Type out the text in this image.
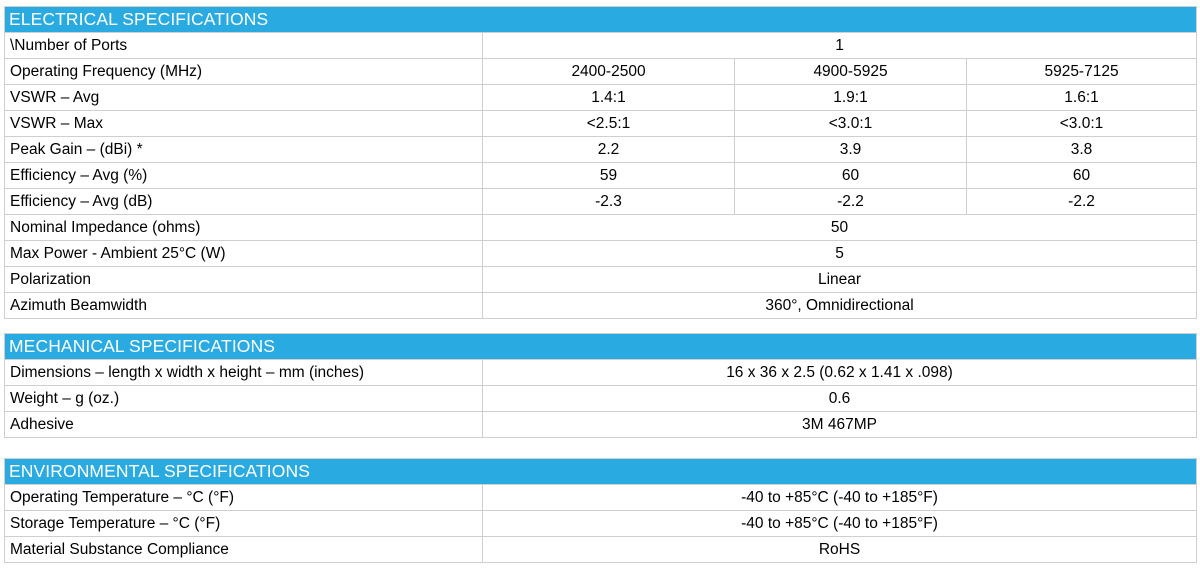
ELECTRICAL SPECIFICATIONS			
\Number of Ports	1		
Operating Frequency (MHz)	2400-2500	4900-5925	5925-7125
VSWR – Avg	1.4:1	1.9:1	1.6:1
VSWR – Max	<2.5:1	<3.0:1	<3.0:1
Peak Gain – (dBi) *	2.2	3.9	3.8
Efficiency – Avg (%)	59	60	60
Efficiency – Avg (dB)	-2.3	-2.2	-2.2
Nominal Impedance (ohms)	50		
Max Power - Ambient 25°C (W)	5		
Polarization	Linear		
Azimuth Beamwidth	360°, Omnidirectional		
MECHANICAL SPECIFICATIONS	
Dimensions – length x width x height – mm (inches)	16 x 36 x 2.5 (0.62 x 1.41 x .098)
Weight – g (oz.)	0.6
Adhesive	3M 467MP
ENVIRONMENTAL SPECIFICATIONS	
Operating Temperature – °C (°F)	-40 to +85°C (-40 to +185°F)
Storage Temperature – °C (°F)	-40 to +85°C (-40 to +185°F)
Material Substance Compliance	RoHS
